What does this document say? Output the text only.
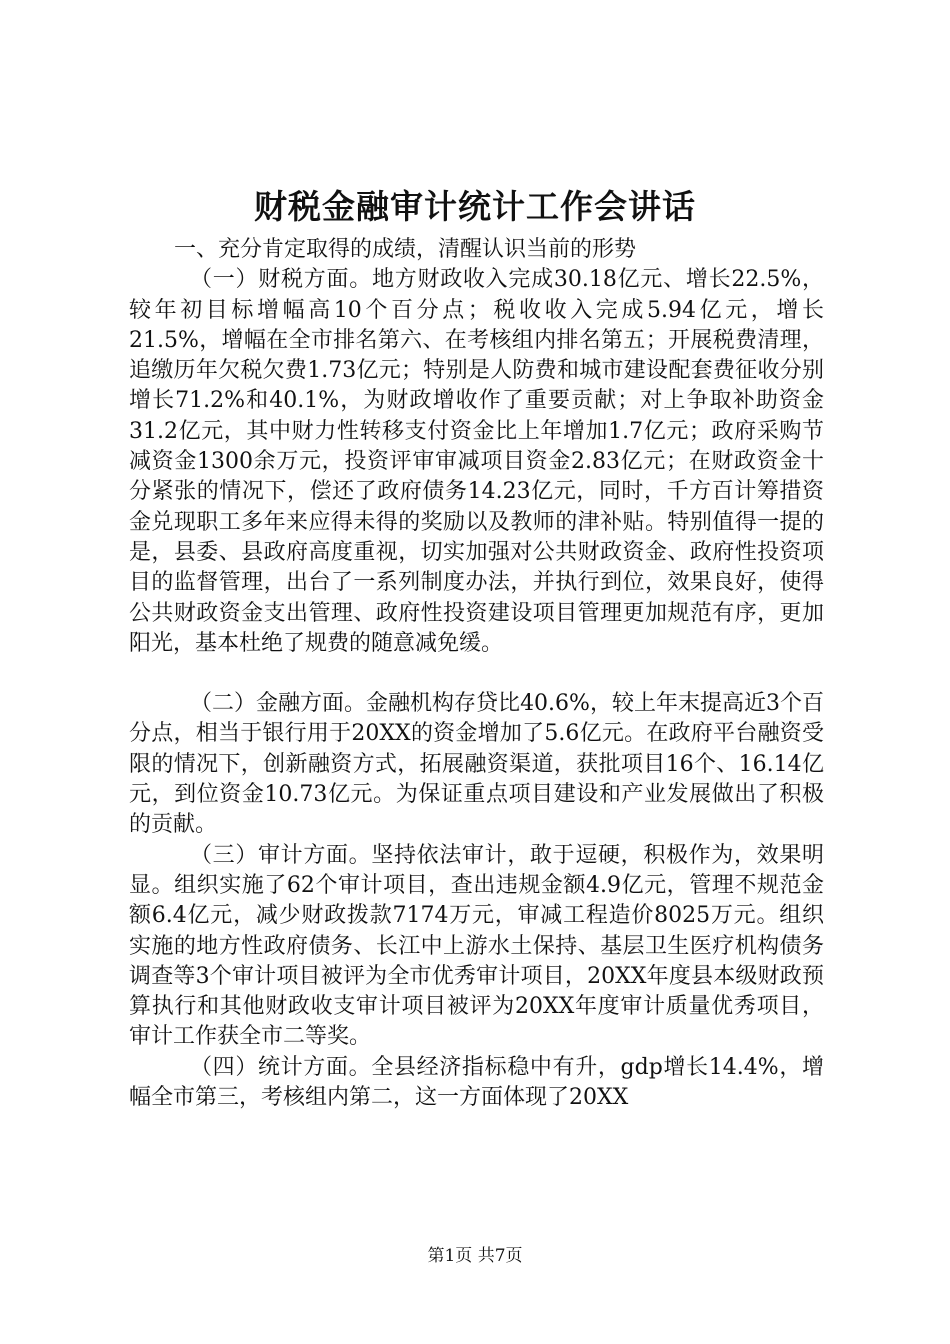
财税金融审计统计工作会讲话

一、充分肯定取得的成绩，清醒认识当前的形势

（一）财税方面。地方财政收入完成30.18亿元、增长22.5%，较年初目标增幅高10个百分点；税收收入完成5.94亿元，增长21.5%，增幅在全市排名第六、在考核组内排名第五；开展税费清理，追缴历年欠税欠费1.73亿元；特别是人防费和城市建设配套费征收分别增长71.2%和40.1%，为财政增收作了重要贡献；对上争取补助资金31.2亿元，其中财力性转移支付资金比上年增加1.7亿元；政府采购节减资金1300余万元，投资评审审减项目资金2.83亿元；在财政资金十分紧张的情况下，偿还了政府债务14.23亿元，同时，千方百计筹措资金兑现职工多年来应得未得的奖励以及教师的津补贴。特别值得一提的是，县委、县政府高度重视，切实加强对公共财政资金、政府性投资项目的监督管理，出台了一系列制度办法，并执行到位，效果良好，使得公共财政资金支出管理、政府性投资建设项目管理更加规范有序，更加阳光，基本杜绝了规费的随意减免缓。

（二）金融方面。金融机构存贷比40.6%，较上年末提高近3个百分点，相当于银行用于20XX的资金增加了5.6亿元。在政府平台融资受限的情况下，创新融资方式，拓展融资渠道，获批项目16个、16.14亿元，到位资金10.73亿元。为保证重点项目建设和产业发展做出了积极的贡献。

（三）审计方面。坚持依法审计，敢于逗硬，积极作为，效果明显。组织实施了62个审计项目，查出违规金额4.9亿元，管理不规范金额6.4亿元，减少财政拨款7174万元，审减工程造价8025万元。组织实施的地方性政府债务、长江中上游水土保持、基层卫生医疗机构债务调查等3个审计项目被评为全市优秀审计项目，20XX年度县本级财政预算执行和其他财政收支审计项目被评为20XX年度审计质量优秀项目，审计工作获全市二等奖。

（四）统计方面。全县经济指标稳中有升，gdp增长14.4%，增幅全市第三，考核组内第二，这一方面体现了20XX

第1页 共7页
